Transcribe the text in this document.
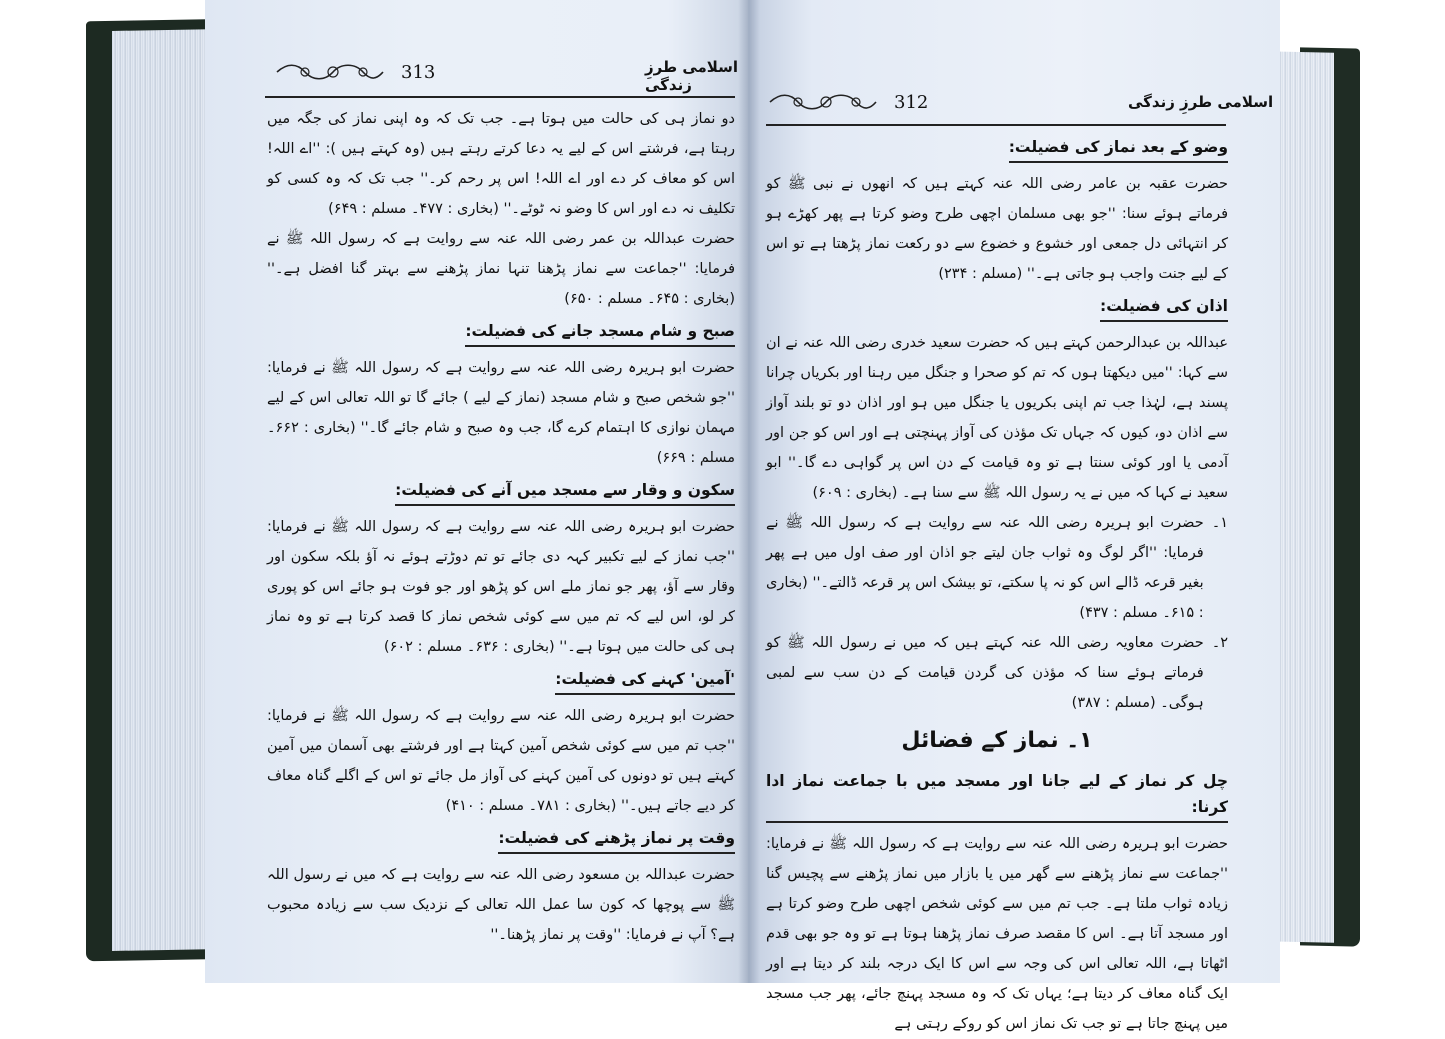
313	اسلامی طرزِ زندگی

دو نماز ہی کی حالت میں ہوتا ہے۔ جب تک کہ وہ اپنی نماز کی جگہ میں رہتا ہے، فرشتے اس کے لیے یہ دعا کرتے رہتے ہیں (وہ کہتے ہیں ): ''اے اللہ! اس کو معاف کر دے اور اے اللہ! اس پر رحم کر۔'' جب تک کہ وہ کسی کو تکلیف نہ دے اور اس کا وضو نہ ٹوٹے۔'' (بخاری : ۴۷۷۔ مسلم : ۶۴۹)

حضرت عبداللہ بن عمر رضی اللہ عنہ سے روایت ہے کہ رسول اللہ ﷺ نے فرمایا: ''جماعت سے نماز پڑھنا تنہا نماز پڑھنے سے بہتر گنا افضل ہے۔'' (بخاری : ۶۴۵۔ مسلم : ۶۵۰)

صبح و شام مسجد جانے کی فضیلت:

حضرت ابو ہریرہ رضی اللہ عنہ سے روایت ہے کہ رسول اللہ ﷺ نے فرمایا: ''جو شخص صبح و شام مسجد (نماز کے لیے ) جائے گا تو اللہ تعالی اس کے لیے مہمان نوازی کا اہتمام کرے گا، جب وہ صبح و شام جائے گا۔'' (بخاری : ۶۶۲۔ مسلم : ۶۶۹)

سکون و وقار سے مسجد میں آنے کی فضیلت:

حضرت ابو ہریرہ رضی اللہ عنہ سے روایت ہے کہ رسول اللہ ﷺ نے فرمایا: ''جب نماز کے لیے تکبیر کہہ دی جائے تو تم دوڑتے ہوئے نہ آؤ بلکہ سکون اور وقار سے آؤ، پھر جو نماز ملے اس کو پڑھو اور جو فوت ہو جائے اس کو پوری کر لو، اس لیے کہ تم میں سے کوئی شخص نماز کا قصد کرتا ہے تو وہ نماز ہی کی حالت میں ہوتا ہے۔'' (بخاری : ۶۳۶۔ مسلم : ۶۰۲)

'آمین' کہنے کی فضیلت:

حضرت ابو ہریرہ رضی اللہ عنہ سے روایت ہے کہ رسول اللہ ﷺ نے فرمایا: ''جب تم میں سے کوئی شخص آمین کہتا ہے اور فرشتے بھی آسمان میں آمین کہتے ہیں تو دونوں کی آمین کہنے کی آواز مل جائے تو اس کے اگلے گناہ معاف کر دیے جاتے ہیں۔'' (بخاری : ۷۸۱۔ مسلم : ۴۱۰)

وقت پر نماز پڑھنے کی فضیلت:

حضرت عبداللہ بن مسعود رضی اللہ عنہ سے روایت ہے کہ میں نے رسول اللہ ﷺ سے پوچھا کہ کون سا عمل اللہ تعالی کے نزدیک سب سے زیادہ محبوب ہے؟ آپ نے فرمایا: ''وقت پر نماز پڑھنا۔''

312	اسلامی طرزِ زندگی
وضو کے بعد نماز کی فضیلت:

حضرت عقبہ بن عامر رضی اللہ عنہ کہتے ہیں کہ انھوں نے نبی ﷺ کو فرماتے ہوئے سنا: ''جو بھی مسلمان اچھی طرح وضو کرتا ہے پھر کھڑے ہو کر انتہائی دل جمعی اور خشوع و خضوع سے دو رکعت نماز پڑھتا ہے تو اس کے لیے جنت واجب ہو جاتی ہے۔'' (مسلم : ۲۳۴)

اذان کی فضیلت:

عبداللہ بن عبدالرحمن کہتے ہیں کہ حضرت سعید خدری رضی اللہ عنہ نے ان سے کہا: ''میں دیکھتا ہوں کہ تم کو صحرا و جنگل میں رہنا اور بکریاں چرانا پسند ہے، لہٰذا جب تم اپنی بکریوں یا جنگل میں ہو اور اذان دو تو بلند آواز سے اذان دو، کیوں کہ جہاں تک مؤذن کی آواز پہنچتی ہے اور اس کو جن اور آدمی یا اور کوئی سنتا ہے تو وہ قیامت کے دن اس پر گواہی دے گا۔'' ابو سعید نے کہا کہ میں نے یہ رسول اللہ ﷺ سے سنا ہے۔ (بخاری : ۶۰۹)

۱۔

حضرت ابو ہریرہ رضی اللہ عنہ سے روایت ہے کہ رسول اللہ ﷺ نے فرمایا: ''اگر لوگ وہ ثواب جان لیتے جو اذان اور صف اول میں ہے پھر بغیر قرعہ ڈالے اس کو نہ پا سکتے، تو بیشک اس پر قرعہ ڈالتے۔'' (بخاری : ۶۱۵۔ مسلم : ۴۳۷)

۲۔

حضرت معاویہ رضی اللہ عنہ کہتے ہیں کہ میں نے رسول اللہ ﷺ کو فرماتے ہوئے سنا کہ مؤذن کی گردن قیامت کے دن سب سے لمبی ہوگی۔ (مسلم : ۳۸۷)

۱۔ نماز کے فضائل
چل کر نماز کے لیے جانا اور مسجد میں با جماعت نماز ادا کرنا:

حضرت ابو ہریرہ رضی اللہ عنہ سے روایت ہے کہ رسول اللہ ﷺ نے فرمایا: ''جماعت سے نماز پڑھنے سے گھر میں یا بازار میں نماز پڑھنے سے پچیس گنا زیادہ ثواب ملتا ہے۔ جب تم میں سے کوئی شخص اچھی طرح وضو کرتا ہے اور مسجد آتا ہے۔ اس کا مقصد صرف نماز پڑھنا ہوتا ہے تو وہ جو بھی قدم اٹھاتا ہے، اللہ تعالی اس کی وجہ سے اس کا ایک درجہ بلند کر دیتا ہے اور ایک گناہ معاف کر دیتا ہے؛ یہاں تک کہ وہ مسجد پہنچ جائے، پھر جب مسجد میں پہنچ جاتا ہے تو جب تک نماز اس کو روکے رہتی ہے
